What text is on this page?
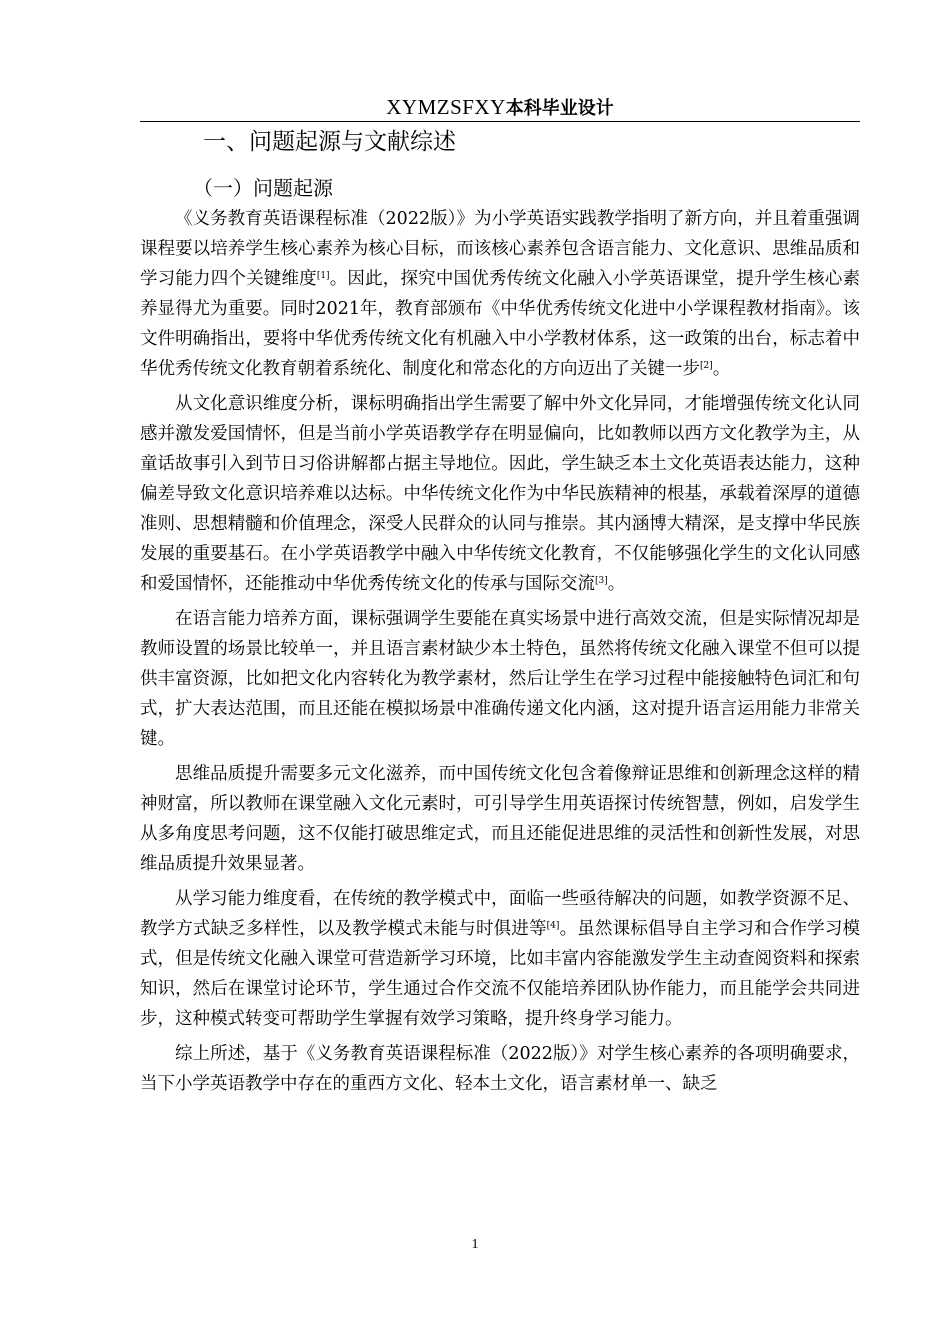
XYMZSFXY本科毕业设计
一、问题起源与文献综述
（一）问题起源

《义务教育英语课程标准（2022版）》为小学英语实践教学指明了新方向，并且着重强调课程要以培养学生核心素养为核心目标，而该核心素养包含语言能力、文化意识、思维品质和学习能力四个关键维度[1]。因此，探究中国优秀传统文化融入小学英语课堂，提升学生核心素养显得尤为重要。同时2021年，教育部颁布《中华优秀传统文化进中小学课程教材指南》。该文件明确指出，要将中华优秀传统文化有机融入中小学教材体系，这一政策的出台，标志着中华优秀传统文化教育朝着系统化、制度化和常态化的方向迈出了关键一步[2]。

从文化意识维度分析，课标明确指出学生需要了解中外文化异同，才能增强传统文化认同感并激发爱国情怀，但是当前小学英语教学存在明显偏向，比如教师以西方文化教学为主，从童话故事引入到节日习俗讲解都占据主导地位。因此，学生缺乏本土文化英语表达能力，这种偏差导致文化意识培养难以达标。中华传统文化作为中华民族精神的根基，承载着深厚的道德准则、思想精髓和价值理念，深受人民群众的认同与推崇。其内涵博大精深，是支撑中华民族发展的重要基石。在小学英语教学中融入中华传统文化教育，不仅能够强化学生的文化认同感和爱国情怀，还能推动中华优秀传统文化的传承与国际交流[3]。

在语言能力培养方面，课标强调学生要能在真实场景中进行高效交流，但是实际情况却是教师设置的场景比较单一，并且语言素材缺少本土特色，虽然将传统文化融入课堂不但可以提供丰富资源，比如把文化内容转化为教学素材，然后让学生在学习过程中能接触特色词汇和句式，扩大表达范围，而且还能在模拟场景中准确传递文化内涵，这对提升语言运用能力非常关键。

思维品质提升需要多元文化滋养，而中国传统文化包含着像辩证思维和创新理念这样的精神财富，所以教师在课堂融入文化元素时，可引导学生用英语探讨传统智慧，例如，启发学生从多角度思考问题，这不仅能打破思维定式，而且还能促进思维的灵活性和创新性发展，对思维品质提升效果显著。

从学习能力维度看，在传统的教学模式中，面临一些亟待解决的问题，如教学资源不足、教学方式缺乏多样性，以及教学模式未能与时俱进等[4]。虽然课标倡导自主学习和合作学习模式，但是传统文化融入课堂可营造新学习环境，比如丰富内容能激发学生主动查阅资料和探索知识，然后在课堂讨论环节，学生通过合作交流不仅能培养团队协作能力，而且能学会共同进步，这种模式转变可帮助学生掌握有效学习策略，提升终身学习能力。

综上所述，基于《义务教育英语课程标准（2022版）》对学生核心素养的各项明确要求，当下小学英语教学中存在的重西方文化、轻本土文化，语言素材单一、缺乏

1
